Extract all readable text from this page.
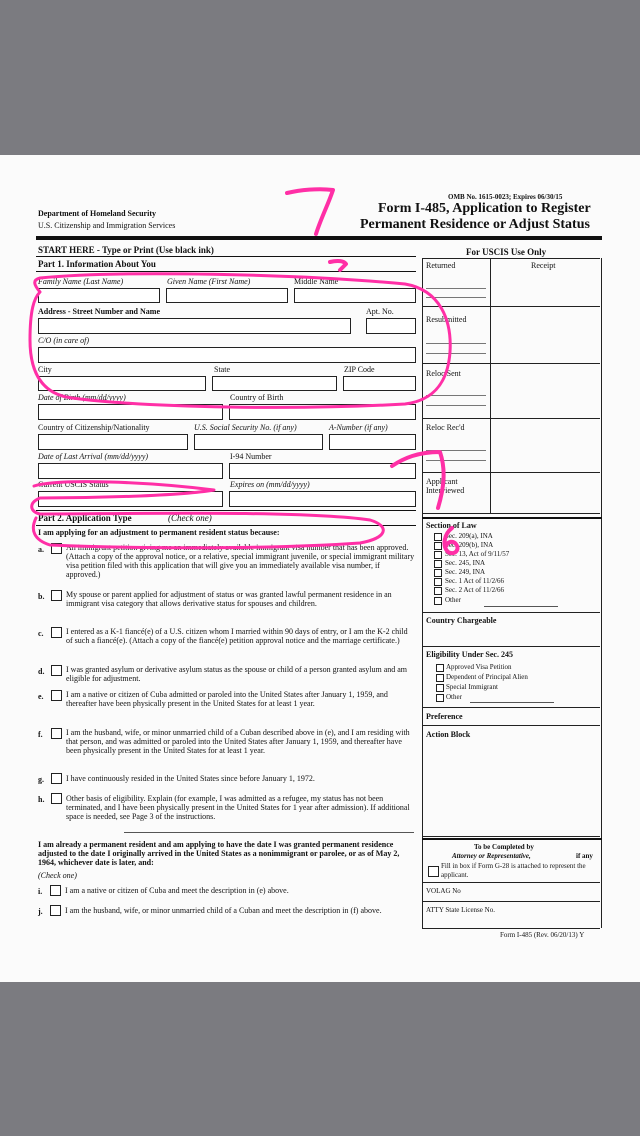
OMB No. 1615-0023; Expires 06/30/15
Department of Homeland Security
U.S. Citizenship and Immigration Services
Form I-485, Application to Register
Permanent Residence or Adjust Status
START HERE - Type or Print (Use black ink)	For USCIS Use Only
Part 1. Information About You
Family Name (Last Name)	Given Name (First Name)	Middle Name
Address - Street Number and Name	Apt. No.
C/O (in care of)
City	State	ZIP Code
Date of Birth (mm/dd/yyyy)	Country of Birth
Country of Citizenship/Nationality	U.S. Social Security No. (if any)	A-Number (if any)
Date of Last Arrival (mm/dd/yyyy)	I-94 Number
Current USCIS Status	Expires on (mm/dd/yyyy)
Part 2. Application Type	(Check one)
I am applying for an adjustment to permanent resident status because:
a.	An immigrant petition giving me an immediately available immigrant visa number that has been approved. (Attach a copy of the approval notice, or a relative, special immigrant juvenile, or special immigrant military visa petition filed with this application that will give you an immediately available visa number, if approved.)
b.	My spouse or parent applied for adjustment of status or was granted lawful permanent residence in an immigrant visa category that allows derivative status for spouses and children.
c.	I entered as a K-1 fiancé(e) of a U.S. citizen whom I married within 90 days of entry, or I am the K-2 child of such a fiancé(e). (Attach a copy of the fiancé(e) petition approval notice and the marriage certificate.)
d.	I was granted asylum or derivative asylum status as the spouse or child of a person granted asylum and am eligible for adjustment.
e.	I am a native or citizen of Cuba admitted or paroled into the United States after January 1, 1959, and thereafter have been physically present in the United States for at least 1 year.
f.	I am the husband, wife, or minor unmarried child of a Cuban described above in (e), and I am residing with that person, and was admitted or paroled into the United States after January 1, 1959, and thereafter have been physically present in the United States for at least 1 year.
g.	I have continuously resided in the United States since before January 1, 1972.
h.	Other basis of eligibility. Explain (for example, I was admitted as a refugee, my status has not been terminated, and I have been physically present in the United States for 1 year after admission). If additional space is needed, see Page 3 of the instructions.
I am already a permanent resident and am applying to have the date I was granted permanent residence adjusted to the date I originally arrived in the United States as a nonimmigrant or parolee, or as of May 2, 1964, whichever date is later, and:
(Check one)
i.	I am a native or citizen of Cuba and meet the description in (e) above.
j.	I am the husband, wife, or minor unmarried child of a Cuban and meet the description in (f) above.
Returned	Receipt
Resubmitted
Reloc Sent
Reloc Rec'd
Applicant
Interviewed
Section of Law
Sec. 209(a), INA
Sec. 209(b), INA
Sec. 13, Act of 9/11/57
Sec. 245, INA
Sec. 249, INA
Sec. 1 Act of 11/2/66
Sec. 2 Act of 11/2/66
Other
Country Chargeable
Eligibility Under Sec. 245
Approved Visa Petition
Dependent of Principal Alien
Special Immigrant
Other
Preference
Action Block
To be Completed by
Attorney or Representative,	if any
Fill in box if Form G-28 is attached to represent the applicant.
VOLAG No
ATTY State License No.
Form I-485 (Rev. 06/20/13) Y
